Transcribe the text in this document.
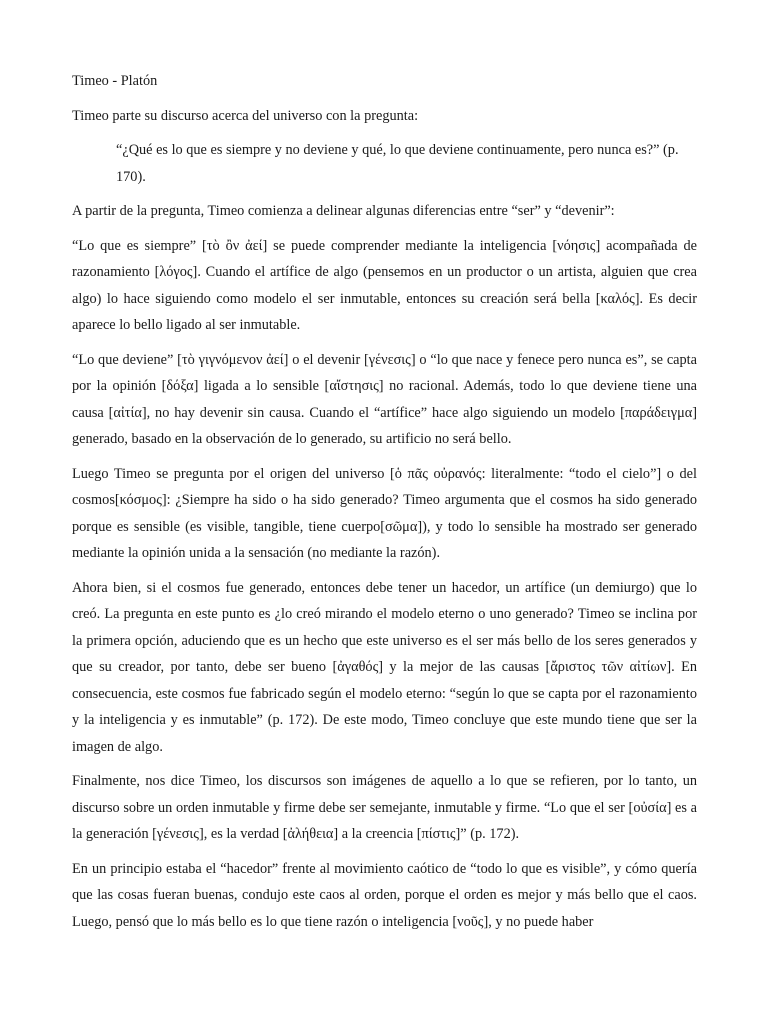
Timeo - Platón

Timeo parte su discurso acerca del universo con la pregunta:

“¿Qué es lo que es siempre y no deviene y qué, lo que deviene continuamente, pero nunca es?” (p. 170).

A partir de la pregunta, Timeo comienza a delinear algunas diferencias entre “ser” y “devenir”:

“Lo que es siempre” [τὸ ὂν ἀεί] se puede comprender mediante la inteligencia [νόησις] acompañada de razonamiento [λόγος]. Cuando el artífice de algo (pensemos en un productor o un artista, alguien que crea algo) lo hace siguiendo como modelo el ser inmutable, entonces su creación será bella [καλός]. Es decir aparece lo bello ligado al ser inmutable.

“Lo que deviene” [τὸ γιγνόμενον ἀεί] o el devenir [γένεσις] o “lo que nace y fenece pero nunca es”, se capta por la opinión [δόξα] ligada a lo sensible [αἴστησις] no racional. Además, todo lo que deviene tiene una causa [αἰτία], no hay devenir sin causa. Cuando el “artífice” hace algo siguiendo un modelo [παράδειγμα] generado, basado en la observación de lo generado, su artificio no será bello.

Luego Timeo se pregunta por el origen del universo [ὁ πᾶς οὐρανός: literalmente: “todo el cielo”] o del cosmos[κόσμος]: ¿Siempre ha sido o ha sido generado? Timeo argumenta que el cosmos ha sido generado porque es sensible (es visible, tangible, tiene cuerpo[σῶμα]), y todo lo sensible ha mostrado ser generado mediante la opinión unida a la sensación (no mediante la razón).

Ahora bien, si el cosmos fue generado, entonces debe tener un hacedor, un artífice (un demiurgo) que lo creó. La pregunta en este punto es ¿lo creó mirando el modelo eterno o uno generado? Timeo se inclina por la primera opción, aduciendo que es un hecho que este universo es el ser más bello de los seres generados y que su creador, por tanto, debe ser bueno [ἀγαθός] y la mejor de las causas [ἄριστος τῶν αἰτίων]. En consecuencia, este cosmos fue fabricado según el modelo eterno: “según lo que se capta por el razonamiento y la inteligencia y es inmutable” (p. 172). De este modo, Timeo concluye que este mundo tiene que ser la imagen de algo.

Finalmente, nos dice Timeo, los discursos son imágenes de aquello a lo que se refieren, por lo tanto, un discurso sobre un orden inmutable y firme debe ser semejante, inmutable y firme. “Lo que el ser [οὐσία] es a la generación [γένεσις], es la verdad [ἀλήθεια] a la creencia [πίστις]” (p. 172).

En un principio estaba el “hacedor” frente al movimiento caótico de “todo lo que es visible”, y cómo quería que las cosas fueran buenas, condujo este caos al orden, porque el orden es mejor y más bello que el caos. Luego, pensó que lo más bello es lo que tiene razón o inteligencia [νοῦς], y no puede haber
